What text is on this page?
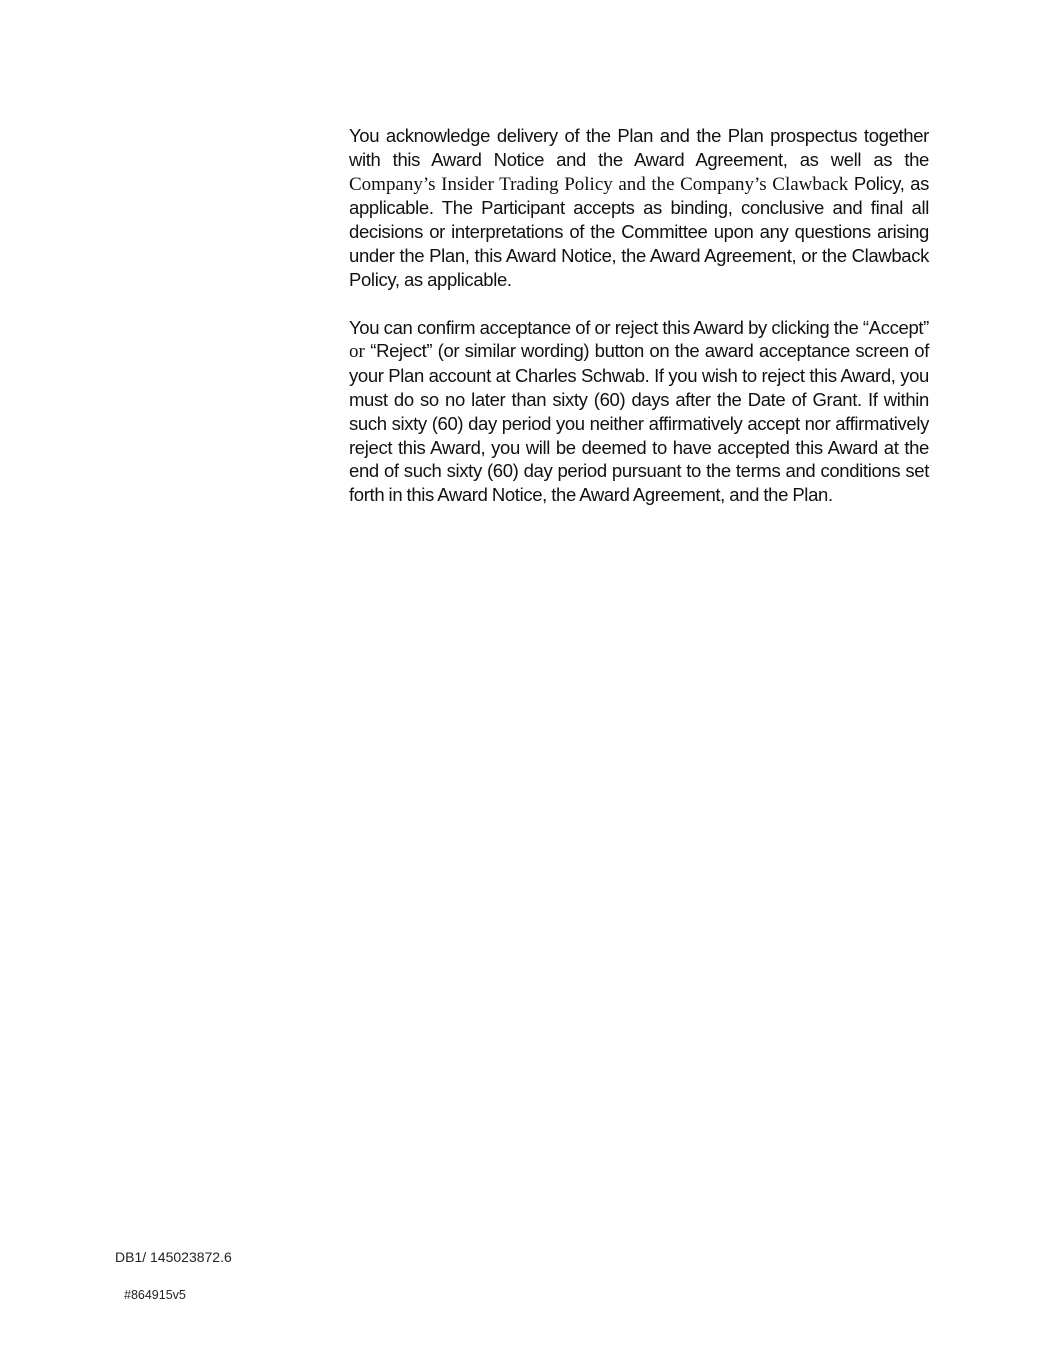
You acknowledge delivery of the Plan and the Plan prospectus together with this Award Notice and the Award Agreement, as well as the Company’s Insider Trading Policy and the Company’s Clawback Policy, as applicable. The Participant accepts as binding, conclusive and final all decisions or interpretations of the Committee upon any questions arising under the Plan, this Award Notice, the Award Agreement, or the Clawback Policy, as applicable.

You can confirm acceptance of or reject this Award by clicking the “Accept” or “Reject” (or similar wording) button on the award acceptance screen of your Plan account at Charles Schwab. If you wish to reject this Award, you must do so no later than sixty (60) days after the Date of Grant. If within such sixty (60) day period you neither affirmatively accept nor affirmatively reject this Award, you will be deemed to have accepted this Award at the end of such sixty (60) day period pursuant to the terms and conditions set forth in this Award Notice, the Award Agreement, and the Plan.

DB1/ 145023872.6
#864915v5
